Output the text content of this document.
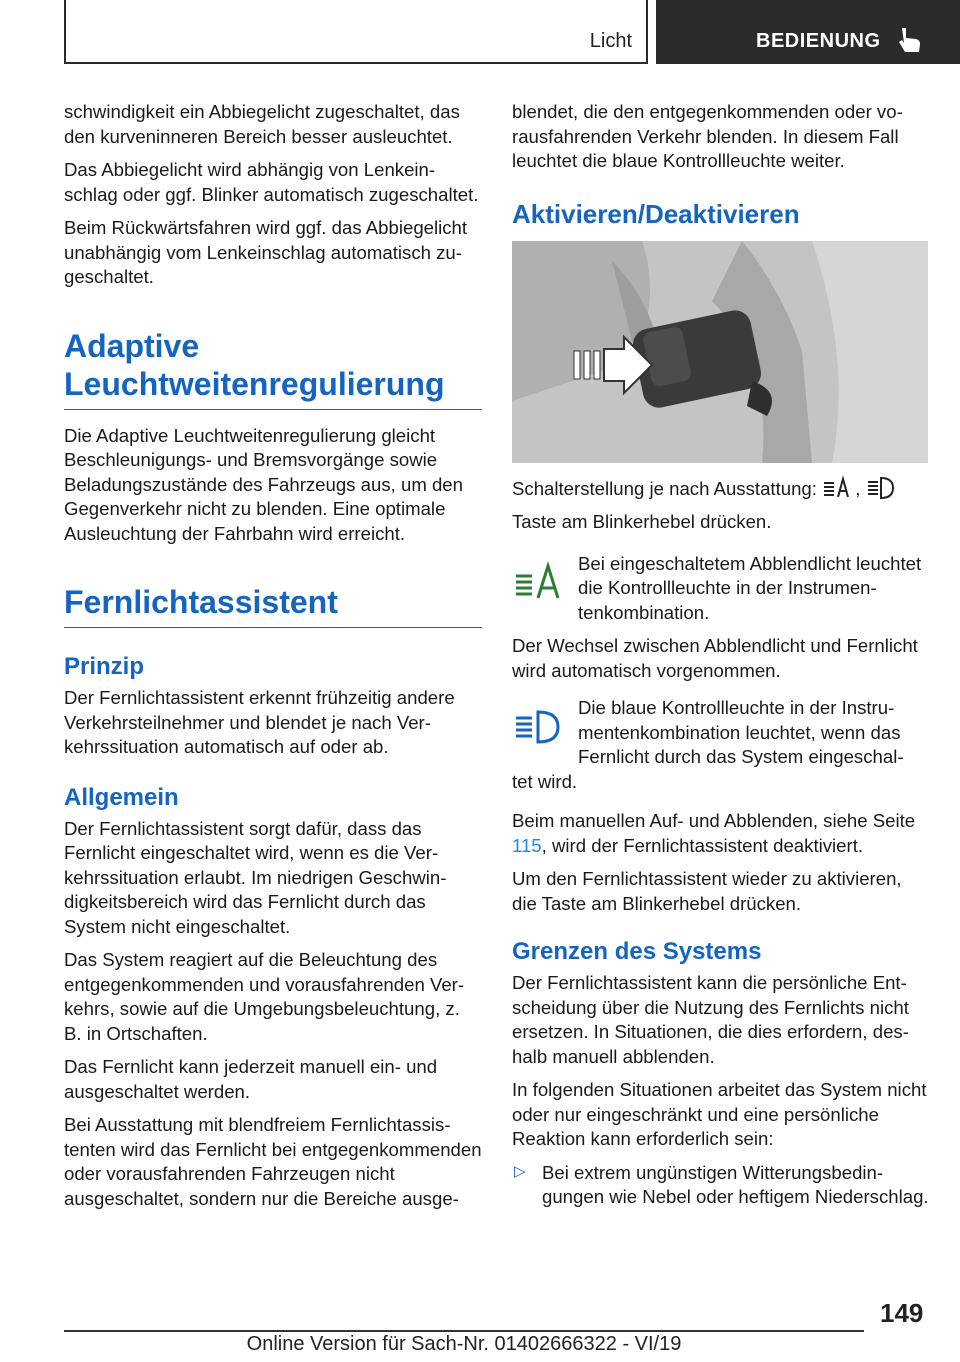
Licht	BEDIENUNG

schwindigkeit ein Abbiegelicht zugeschaltet, das den kurveninneren Bereich besser ausleuchtet.

Das Abbiegelicht wird abhängig von Lenkeinschlag oder ggf. Blinker automatisch zugeschaltet.

Beim Rückwärtsfahren wird ggf. das Abbiegelicht unabhängig vom Lenkeinschlag automatisch zugeschaltet.

Adaptive
Leuchtweitenregulierung

Die Adaptive Leuchtweitenregulierung gleicht Beschleunigungs- und Bremsvorgänge sowie Beladungszustände des Fahrzeugs aus, um den Gegenverkehr nicht zu blenden. Eine optimale Ausleuchtung der Fahrbahn wird erreicht.

Fernlichtassistent
Prinzip

Der Fernlichtassistent erkennt frühzeitig andere Verkehrsteilnehmer und blendet je nach Verkehrssituation automatisch auf oder ab.

Allgemein

Der Fernlichtassistent sorgt dafür, dass das Fernlicht eingeschaltet wird, wenn es die Verkehrssituation erlaubt. Im niedrigen Geschwindigkeitsbereich wird das Fernlicht durch das System nicht eingeschaltet.

Das System reagiert auf die Beleuchtung des entgegenkommenden und vorausfahrenden Verkehrs, sowie auf die Umgebungsbeleuchtung, z. B. in Ortschaften.

Das Fernlicht kann jederzeit manuell ein- und ausgeschaltet werden.

Bei Ausstattung mit blendfreiem Fernlichtassistenten wird das Fernlicht bei entgegenkommenden oder vorausfahrenden Fahrzeugen nicht ausgeschaltet, sondern nur die Bereiche ausge-

blendet, die den entgegenkommenden oder vorausfahrenden Verkehr blenden. In diesem Fall leuchtet die blaue Kontrollleuchte weiter.

Aktivieren/Deaktivieren

Schalterstellung je nach Ausstattung: ,

Taste am Blinkerhebel drücken.

Bei eingeschaltetem Abblendlicht leuchtet die Kontrollleuchte in der Instrumentenkombination.

Der Wechsel zwischen Abblendlicht und Fernlicht wird automatisch vorgenommen.

Die blaue Kontrollleuchte in der Instrumentenkombination leuchtet, wenn das Fernlicht durch das System eingeschal-

tet wird.

Beim manuellen Auf- und Abblenden, siehe Seite 115, wird der Fernlichtassistent deaktiviert.

Um den Fernlichtassistent wieder zu aktivieren, die Taste am Blinkerhebel drücken.

Grenzen des Systems

Der Fernlichtassistent kann die persönliche Entscheidung über die Nutzung des Fernlichts nicht ersetzen. In Situationen, die dies erfordern, deshalb manuell abblenden.

In folgenden Situationen arbeitet das System nicht oder nur eingeschränkt und eine persönliche Reaktion kann erforderlich sein:

▷ Bei extrem ungünstigen Witterungsbedingungen wie Nebel oder heftigem Niederschlag.

149
Online Version für Sach-Nr. 01402666322 - VI/19
